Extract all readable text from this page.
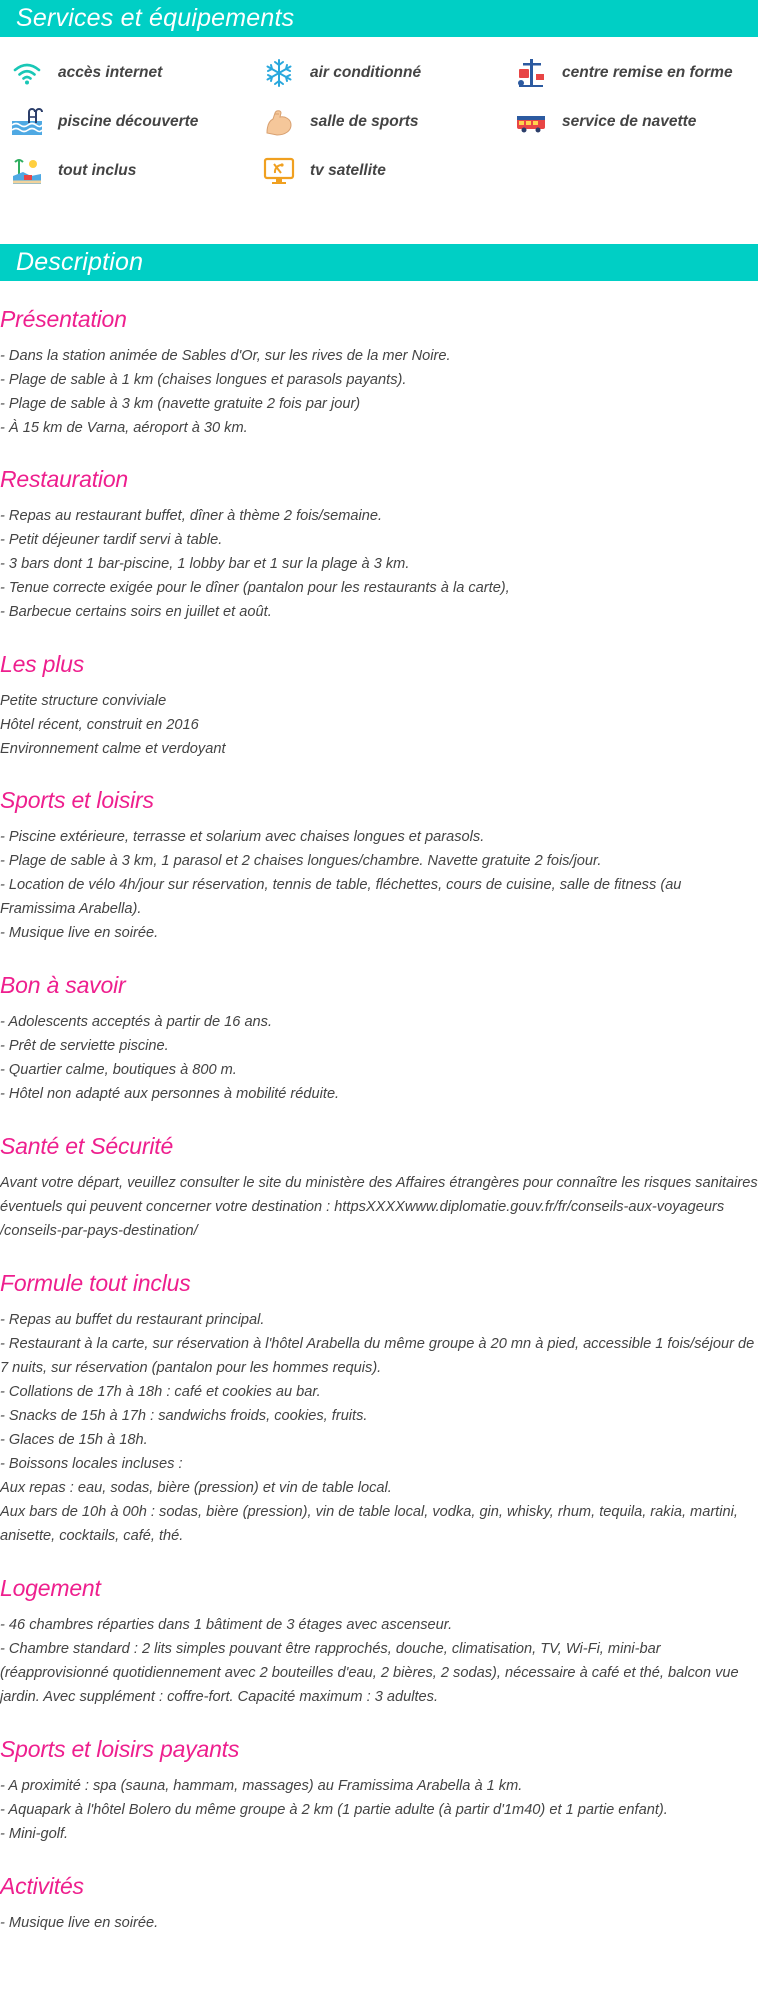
Services et équipements
accès internet	air conditionné	centre remise en forme
piscine découverte	salle de sports	service de navette
tout inclus	tv satellite
Description
Présentation

- Dans la station animée de Sables d'Or, sur les rives de la mer Noire.
- Plage de sable à 1 km (chaises longues et parasols payants).
- Plage de sable à 3 km (navette gratuite 2 fois par jour)
- À 15 km de Varna, aéroport à 30 km.

Restauration

- Repas au restaurant buffet, dîner à thème 2 fois/semaine.
- Petit déjeuner tardif servi à table.
- 3 bars dont 1 bar-piscine, 1 lobby bar et 1 sur la plage à 3 km.
- Tenue correcte exigée pour le dîner (pantalon pour les restaurants à la carte),
- Barbecue certains soirs en juillet et août.

Les plus

Petite structure conviviale
Hôtel récent, construit en 2016
Environnement calme et verdoyant

Sports et loisirs

- Piscine extérieure, terrasse et solarium avec chaises longues et parasols.
- Plage de sable à 3 km, 1 parasol et 2 chaises longues/chambre. Navette gratuite 2 fois/jour.
- Location de vélo 4h/jour sur réservation, tennis de table, fléchettes, cours de cuisine, salle de fitness (au Framissima Arabella).
- Musique live en soirée.

Bon à savoir

- Adolescents acceptés à partir de 16 ans.
- Prêt de serviette piscine.
- Quartier calme, boutiques à 800 m.
- Hôtel non adapté aux personnes à mobilité réduite.

Santé et Sécurité

Avant votre départ, veuillez consulter le site du ministère des Affaires étrangères pour connaître les risques sanitaires éventuels qui peuvent concerner votre destination : httpsXXXXwww.diplomatie.gouv.fr/fr/conseils-aux-voyageurs /conseils-par-pays-destination/

Formule tout inclus

- Repas au buffet du restaurant principal.
- Restaurant à la carte, sur réservation à l'hôtel Arabella du même groupe à 20 mn à pied, accessible 1 fois/séjour de 7 nuits, sur réservation (pantalon pour les hommes requis).
- Collations de 17h à 18h : café et cookies au bar.
- Snacks de 15h à 17h : sandwichs froids, cookies, fruits.
- Glaces de 15h à 18h.
- Boissons locales incluses :
Aux repas : eau, sodas, bière (pression) et vin de table local.
Aux bars de 10h à 00h : sodas, bière (pression), vin de table local, vodka, gin, whisky, rhum, tequila, rakia, martini, anisette, cocktails, café, thé.

Logement

- 46 chambres réparties dans 1 bâtiment de 3 étages avec ascenseur.
- Chambre standard : 2 lits simples pouvant être rapprochés, douche, climatisation, TV, Wi-Fi, mini-bar (réapprovisionné quotidiennement avec 2 bouteilles d'eau, 2 bières, 2 sodas), nécessaire à café et thé, balcon vue jardin. Avec supplément : coffre-fort. Capacité maximum : 3 adultes.

Sports et loisirs payants

- A proximité : spa (sauna, hammam, massages) au Framissima Arabella à 1 km.
- Aquapark à l'hôtel Bolero du même groupe à 2 km (1 partie adulte (à partir d'1m40) et 1 partie enfant).
- Mini-golf.

Activités

- Musique live en soirée.
